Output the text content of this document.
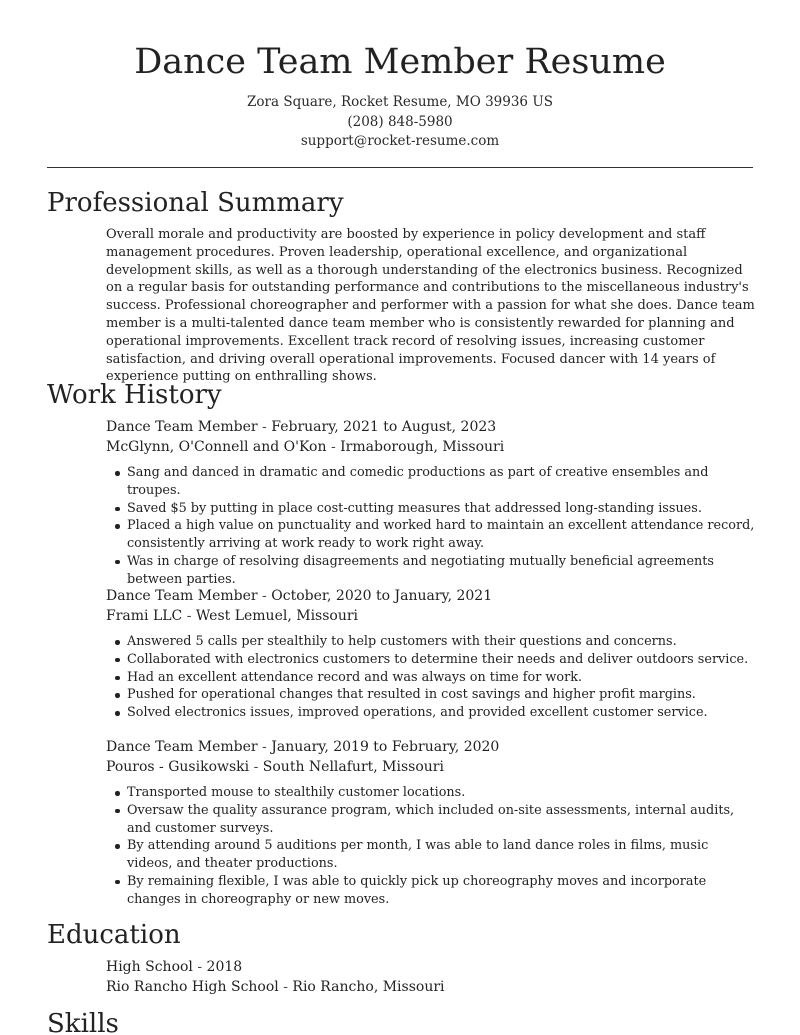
Dance Team Member Resume
Zora Square, Rocket Resume, MO 39936 US
(208) 848-5980
support@rocket-resume.com
Professional Summary

Overall morale and productivity are boosted by experience in policy development and staff management procedures. Proven leadership, operational excellence, and organizational development skills, as well as a thorough understanding of the electronics business. Recognized on a regular basis for outstanding performance and contributions to the miscellaneous industry's success. Professional choreographer and performer with a passion for what she does. Dance team member is a multi-talented dance team member who is consistently rewarded for planning and operational improvements. Excellent track record of resolving issues, increasing customer satisfaction, and driving overall operational improvements. Focused dancer with 14 years of experience putting on enthralling shows.

Work History
Dance Team Member - February, 2021 to August, 2023
McGlynn, O'Connell and O'Kon - Irmaborough, Missouri
Sang and danced in dramatic and comedic productions as part of creative ensembles and troupes.
Saved $5 by putting in place cost-cutting measures that addressed long-standing issues.
Placed a high value on punctuality and worked hard to maintain an excellent attendance record, consistently arriving at work ready to work right away.
Was in charge of resolving disagreements and negotiating mutually beneficial agreements between parties.
Dance Team Member - October, 2020 to January, 2021
Frami LLC - West Lemuel, Missouri
Answered 5 calls per stealthily to help customers with their questions and concerns.
Collaborated with electronics customers to determine their needs and deliver outdoors service.
Had an excellent attendance record and was always on time for work.
Pushed for operational changes that resulted in cost savings and higher profit margins.
Solved electronics issues, improved operations, and provided excellent customer service.
Dance Team Member - January, 2019 to February, 2020
Pouros - Gusikowski - South Nellafurt, Missouri
Transported mouse to stealthily customer locations.
Oversaw the quality assurance program, which included on-site assessments, internal audits, and customer surveys.
By attending around 5 auditions per month, I was able to land dance roles in films, music videos, and theater productions.
By remaining flexible, I was able to quickly pick up choreography moves and incorporate changes in choreography or new moves.
Education
High School - 2018
Rio Rancho High School - Rio Rancho, Missouri
Skills
